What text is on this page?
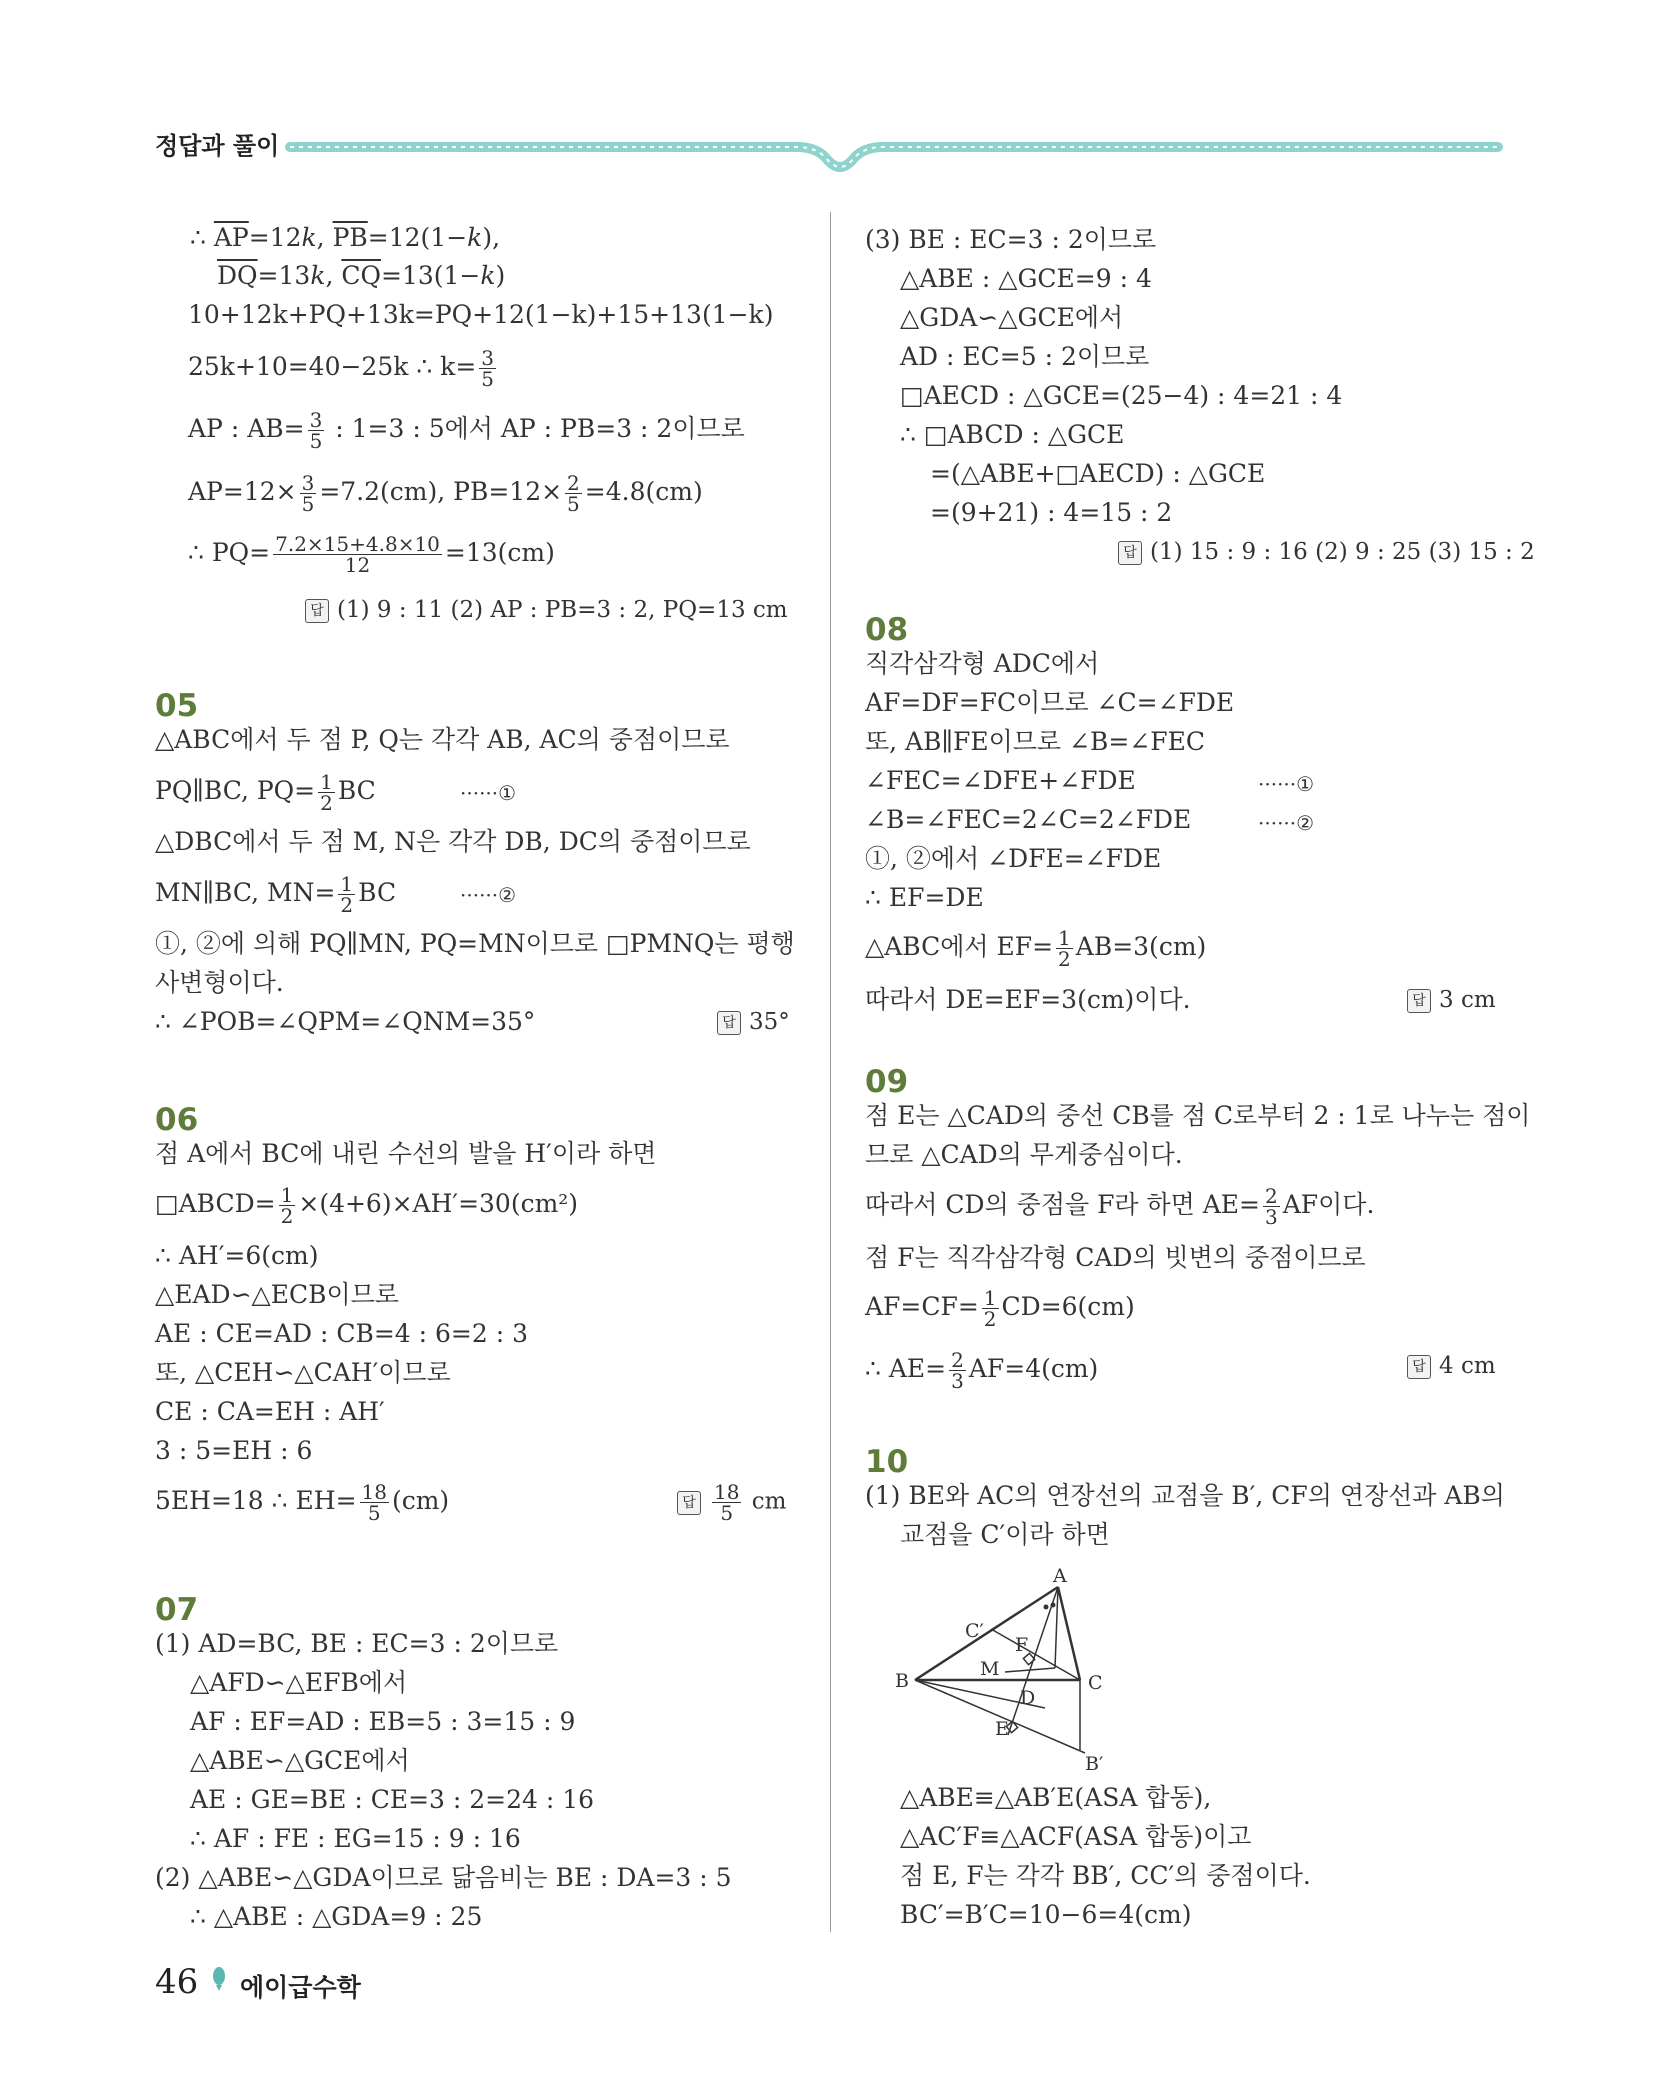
정답과 풀이
∴ $\overline{AP}=12k$, $\overline{PB}=12(1-k)$,
$\overline{DQ}=13k$, $\overline{CQ}=13(1-k)$
10+12k+PQ+13k=PQ+12(1−k)+15+13(1−k)
25k+10=40−25k ∴ $k= \frac{3}{5}$
AP : $AB= \frac{3}{5}$ : 1=3 : 5에서 AP : PB=3 : 2이므로
$AP=12\times \frac{3}{5} =7.2(cm)$, $PB=12\times \frac{2}{5} =4.8(cm)$
∴ $PQ= \frac{7.2\times 15+4.8\times 10}{12} =13(cm)$
답 (1) 9 : 11 (2) AP : PB=3 : 2, PQ=13 cm
05
△ABC에서 두 점 P, Q는 각각 AB, AC의 중점이므로
PQ∥BC, $PQ= \frac{1}{2}$ BC	······①
△DBC에서 두 점 M, N은 각각 DB, DC의 중점이므로
MN∥BC, $MN= \frac{1}{2}$ BC	······②
①, ②에 의해 PQ∥MN, PQ=MN이므로 □PMNQ는 평행
사변형이다.
∴ ∠POB=∠QPM=∠QNM=35°	답 35°
06
점 A에서 BC에 내린 수선의 발을 H′이라 하면
□ABCD= $\frac{1}{2} \times(4+6)\times AH'=30(cm^2)$
∴ AH′=6(cm)
△EAD∽△ECB이므로
AE : CE=AD : CB=4 : 6=2 : 3
또, △CEH∽△CAH′이므로
CE : CA=EH : AH′
3 : 5=EH : 6
5EH=18 ∴ $EH= \frac{18}{5} (cm)$	답 $\frac{18}{5}$ cm
07
(1) AD=BC, BE : EC=3 : 2이므로
△AFD∽△EFB에서
AF : EF=AD : EB=5 : 3=15 : 9
△ABE∽△GCE에서
AE : GE=BE : CE=3 : 2=24 : 16
∴ AF : FE : EG=15 : 9 : 16
(2) △ABE∽△GDA이므로 닮음비는 BE : DA=3 : 5
∴ △ABE : △GDA=9 : 25
(3) BE : EC=3 : 2이므로
△ABE : △GCE=9 : 4
△GDA∽△GCE에서
AD : EC=5 : 2이므로
□AECD : △GCE=(25−4) : 4=21 : 4
∴ □ABCD : △GCE
=(△ABE+□AECD) : △GCE
=(9+21) : 4=15 : 2
답 (1) 15 : 9 : 16 (2) 9 : 25 (3) 15 : 2
08
직각삼각형 ADC에서
AF=DF=FC이므로 ∠C=∠FDE
또, AB∥FE이므로 ∠B=∠FEC
∠FEC=∠DFE+∠FDE	······①
∠B=∠FEC=2∠C=2∠FDE	······②
①, ②에서 ∠DFE=∠FDE
∴ EF=DE
△ABC에서 $EF= \frac{1}{2} AB=3(cm)$
따라서 DE=EF=3(cm)이다.	답 3 cm
09
점 E는 △CAD의 중선 CB를 점 C로부터 2 : 1로 나누는 점이
므로 △CAD의 무게중심이다.
따라서 CD의 중점을 F라 하면 $AE= \frac{2}{3}$ AF이다.
점 F는 직각삼각형 CAD의 빗변의 중점이므로
$AF=CF= \frac{1}{2} CD=6(cm)$
∴ $AE= \frac{2}{3} AF=4(cm)$	답 4 cm
10
(1) BE와 AC의 연장선의 교점을 B′, CF의 연장선과 AB의
교점을 C′이라 하면
△ABE≡△AB′E(ASA 합동),
△AC′F≡△ACF(ASA 합동)이고
점 E, F는 각각 BB′, CC′의 중점이다.
BC′=B′C=10−6=4(cm)
A
C′
F
B
M
C
D
E
B′
46 에이급수학
